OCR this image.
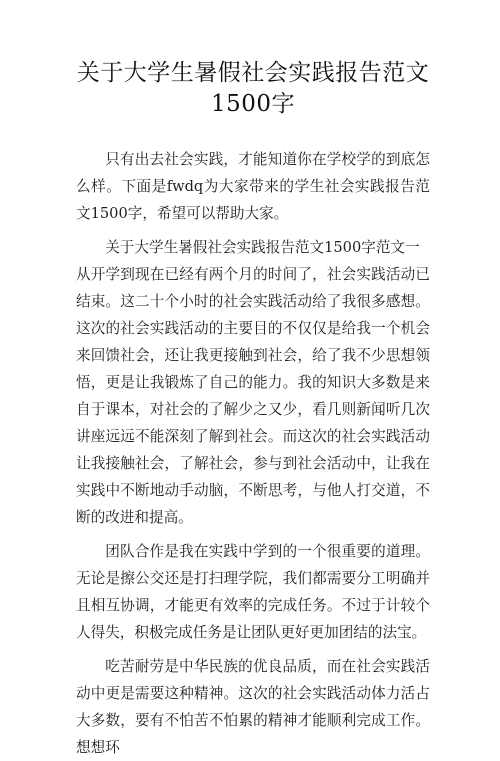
关于大学生暑假社会实践报告范文1500字

只有出去社会实践，才能知道你在学校学的到底怎么样。下面是fwdq为大家带来的学生社会实践报告范文1500字，希望可以帮助大家。

关于大学生暑假社会实践报告范文1500字范文一

从开学到现在已经有两个月的时间了，社会实践活动已结束。这二十个小时的社会实践活动给了我很多感想。这次的社会实践活动的主要目的不仅仅是给我一个机会来回馈社会，还让我更接触到社会，给了我不少思想领悟，更是让我锻炼了自己的能力。我的知识大多数是来自于课本，对社会的了解少之又少，看几则新闻听几次讲座远远不能深刻了解到社会。而这次的社会实践活动让我接触社会，了解社会，参与到社会活动中，让我在实践中不断地动手动脑，不断思考，与他人打交道，不断的改进和提高。

团队合作是我在实践中学到的一个很重要的道理。无论是擦公交还是打扫理学院，我们都需要分工明确并且相互协调，才能更有效率的完成任务。不过于计较个人得失，积极完成任务是让团队更好更加团结的法宝。

吃苦耐劳是中华民族的优良品质，而在社会实践活动中更是需要这种精神。这次的社会实践活动体力活占大多数，要有不怕苦不怕累的精神才能顺利完成工作。想想环
